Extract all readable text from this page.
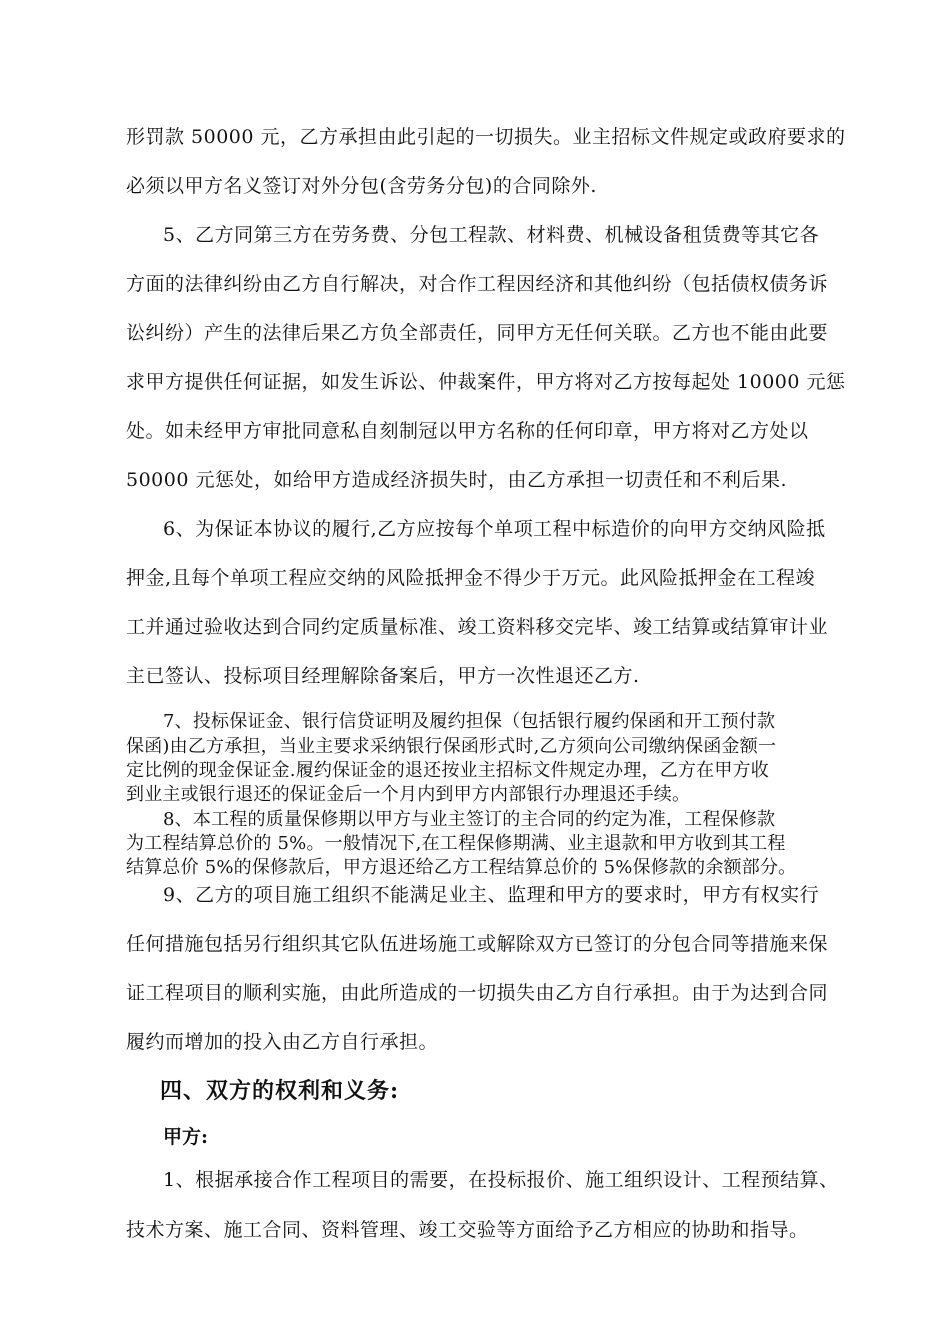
形罚款 50000 元，乙方承担由此引起的一切损失。业主招标文件规定或政府要求的
必须以甲方名义签订对外分包(含劳务分包)的合同除外.
5、乙方同第三方在劳务费、分包工程款、材料费、机械设备租赁费等其它各
方面的法律纠纷由乙方自行解决，对合作工程因经济和其他纠纷（包括债权债务诉
讼纠纷）产生的法律后果乙方负全部责任，同甲方无任何关联。乙方也不能由此要
求甲方提供任何证据，如发生诉讼、仲裁案件，甲方将对乙方按每起处 10000 元惩
处。如未经甲方审批同意私自刻制冠以甲方名称的任何印章，甲方将对乙方处以
50000 元惩处，如给甲方造成经济损失时，由乙方承担一切责任和不利后果.
6、为保证本协议的履行,乙方应按每个单项工程中标造价的向甲方交纳风险抵
押金,且每个单项工程应交纳的风险抵押金不得少于万元。此风险抵押金在工程竣
工并通过验收达到合同约定质量标准、竣工资料移交完毕、竣工结算或结算审计业
主已签认、投标项目经理解除备案后，甲方一次性退还乙方.
7、投标保证金、银行信贷证明及履约担保（包括银行履约保函和开工预付款
保函)由乙方承担，当业主要求采纳银行保函形式时,乙方须向公司缴纳保函金额一
定比例的现金保证金.履约保证金的退还按业主招标文件规定办理，乙方在甲方收
到业主或银行退还的保证金后一个月内到甲方内部银行办理退还手续。
8、本工程的质量保修期以甲方与业主签订的主合同的约定为准，工程保修款
为工程结算总价的 5%。一般情况下,在工程保修期满、业主退款和甲方收到其工程
结算总价 5%的保修款后，甲方退还给乙方工程结算总价的 5%保修款的余额部分。
9、乙方的项目施工组织不能满足业主、监理和甲方的要求时，甲方有权实行
任何措施包括另行组织其它队伍进场施工或解除双方已签订的分包合同等措施来保
证工程项目的顺利实施，由此所造成的一切损失由乙方自行承担。由于为达到合同
履约而增加的投入由乙方自行承担。
四、双方的权利和义务:
甲方:
1、根据承接合作工程项目的需要，在投标报价、施工组织设计、工程预结算、
技术方案、施工合同、资料管理、竣工交验等方面给予乙方相应的协助和指导。
